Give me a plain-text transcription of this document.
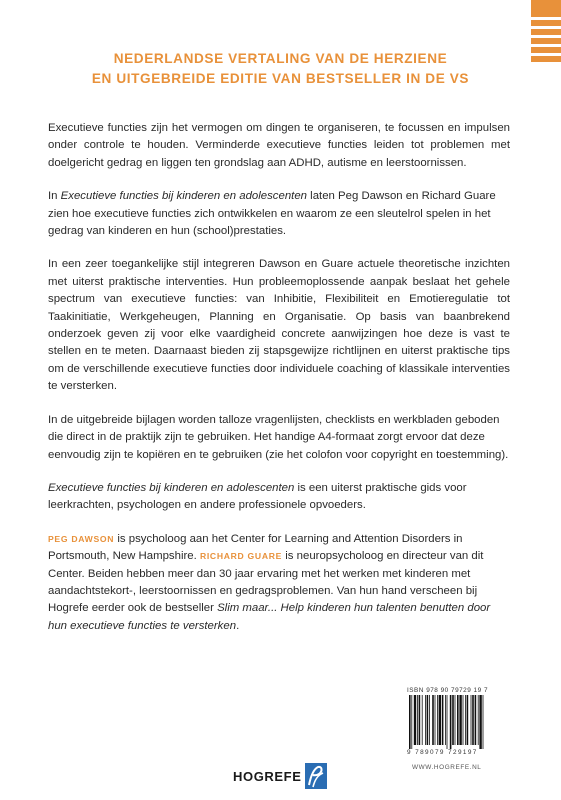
NEDERLANDSE VERTALING VAN DE HERZIENE
EN UITGEBREIDE EDITIE VAN BESTSELLER IN DE VS

Executieve functies zijn het vermogen om dingen te organiseren, te focussen en impulsen onder controle te houden. Verminderde executieve functies leiden tot problemen met doelgericht gedrag en liggen ten grondslag aan ADHD, autisme en leerstoornissen.

In Executieve functies bij kinderen en adolescenten laten Peg Dawson en Richard Guare zien hoe executieve functies zich ontwikkelen en waarom ze een sleutelrol spelen in het gedrag van kinderen en hun (school)prestaties.

In een zeer toegankelijke stijl integreren Dawson en Guare actuele theoretische inzichten met uiterst praktische interventies. Hun probleemoplossende aanpak beslaat het gehele spectrum van executieve functies: van Inhibitie, Flexibiliteit en Emotieregulatie tot Taakinitiatie, Werkgeheugen, Planning en Organisatie. Op basis van baanbrekend onderzoek geven zij voor elke vaardigheid concrete aanwijzingen hoe deze is vast te stellen en te meten. Daarnaast bieden zij stapsgewijze richtlijnen en uiterst praktische tips om de verschillende executieve functies door individuele coaching of klassikale interventies te versterken.

In de uitgebreide bijlagen worden talloze vragenlijsten, checklists en werkbladen geboden die direct in de praktijk zijn te gebruiken. Het handige A4-formaat zorgt ervoor dat deze eenvoudig zijn te kopiëren en te gebruiken (zie het colofon voor copyright en toestemming).

Executieve functies bij kinderen en adolescenten is een uiterst praktische gids voor leerkrachten, psychologen en andere professionele opvoeders.

PEG DAWSON is psycholoog aan het Center for Learning and Attention Disorders in Portsmouth, New Hampshire. RICHARD GUARE is neuropsycholoog en directeur van dit Center. Beiden hebben meer dan 30 jaar ervaring met het werken met kinderen met aandachtstekort-, leerstoornissen en gedragsproblemen. Van hun hand verscheen bij Hogrefe eerder ook de bestseller Slim maar... Help kinderen hun talenten benutten door hun executieve functies te versterken.

ISBN 978 90 79729 19 7
9 789079 729197
WWW.HOGREFE.NL
HOGREFE
